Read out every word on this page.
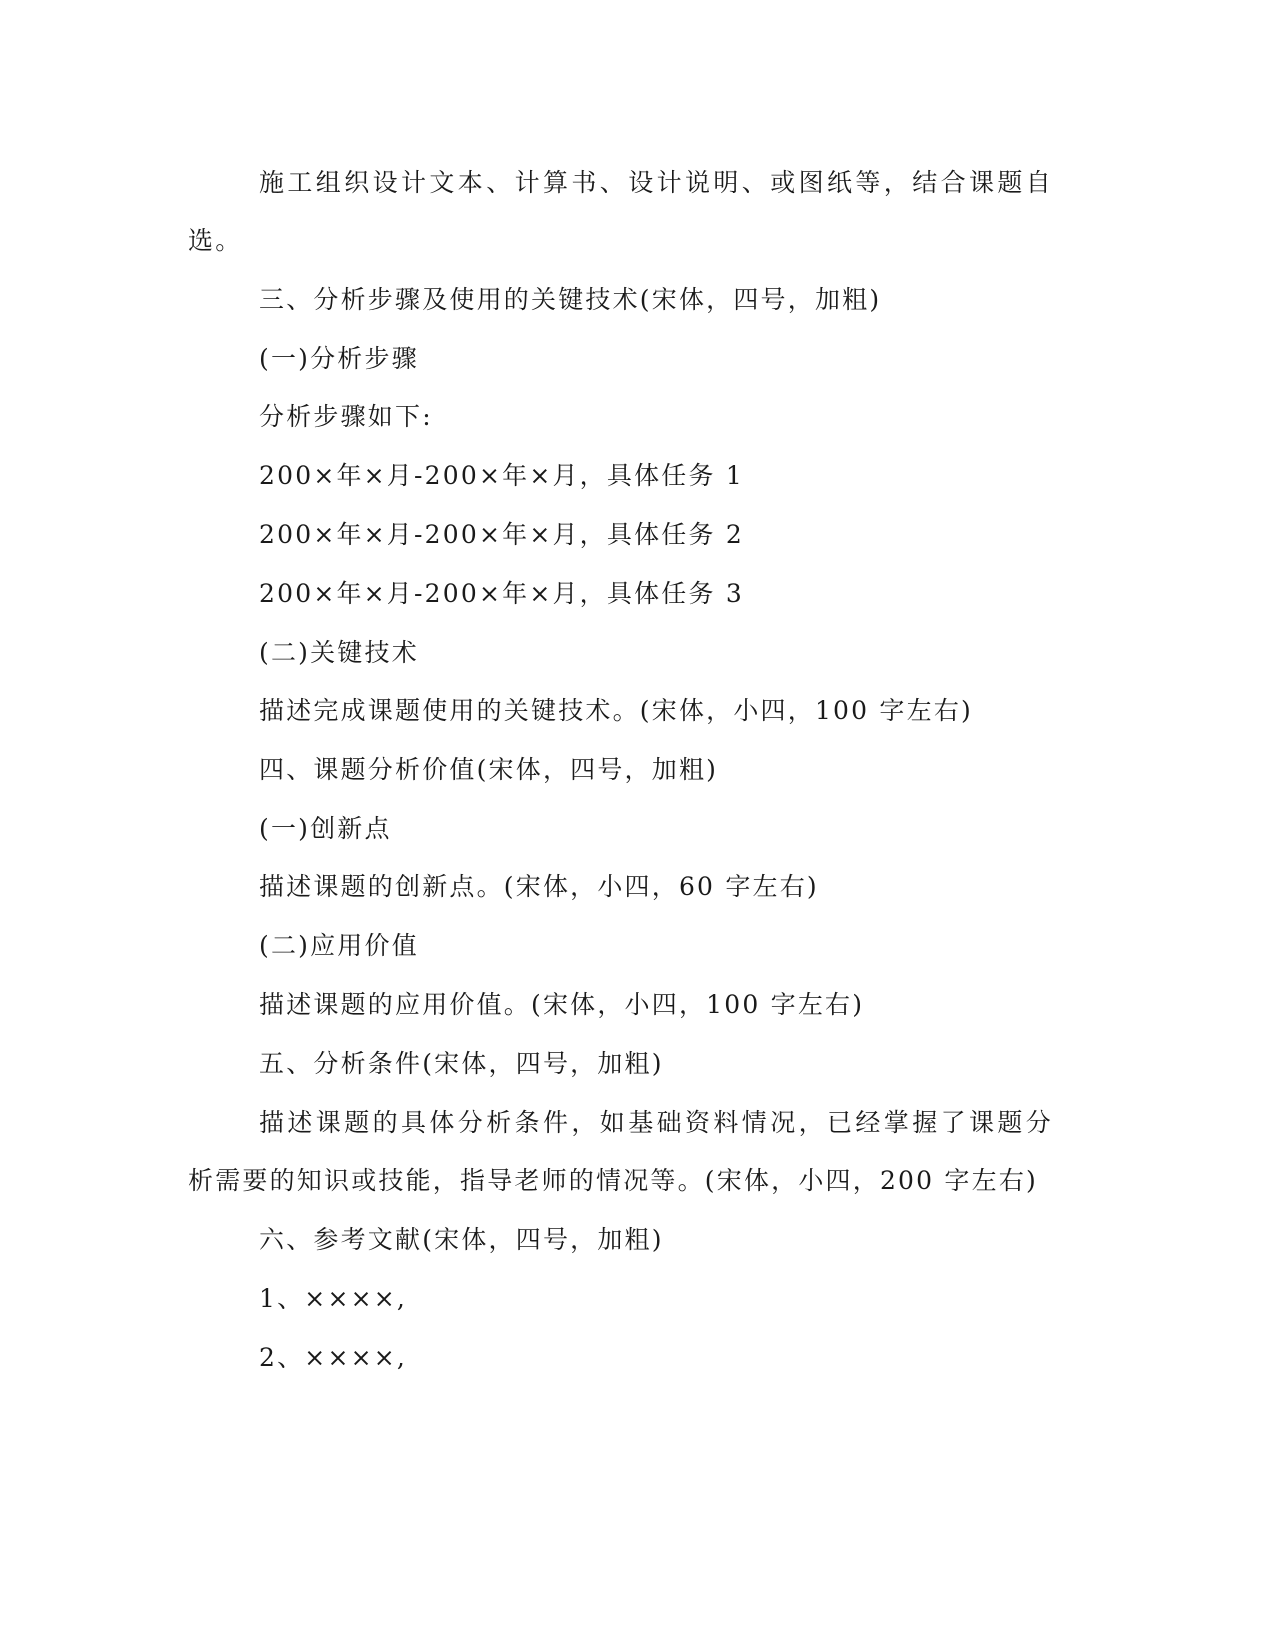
施工组织设计文本、计算书、设计说明、或图纸等，结合课题自

选。

三、分析步骤及使用的关键技术(宋体，四号，加粗)

(一)分析步骤

分析步骤如下:

200×年×月-200×年×月，具体任务 1

200×年×月-200×年×月，具体任务 2

200×年×月-200×年×月，具体任务 3

(二)关键技术

描述完成课题使用的关键技术。(宋体，小四，100 字左右)

四、课题分析价值(宋体，四号，加粗)

(一)创新点

描述课题的创新点。(宋体，小四，60 字左右)

(二)应用价值

描述课题的应用价值。(宋体，小四，100 字左右)

五、分析条件(宋体，四号，加粗)

描述课题的具体分析条件，如基础资料情况，已经掌握了课题分

析需要的知识或技能，指导老师的情况等。(宋体，小四，200 字左右)

六、参考文献(宋体，四号，加粗)

1、××××,

2、××××,
